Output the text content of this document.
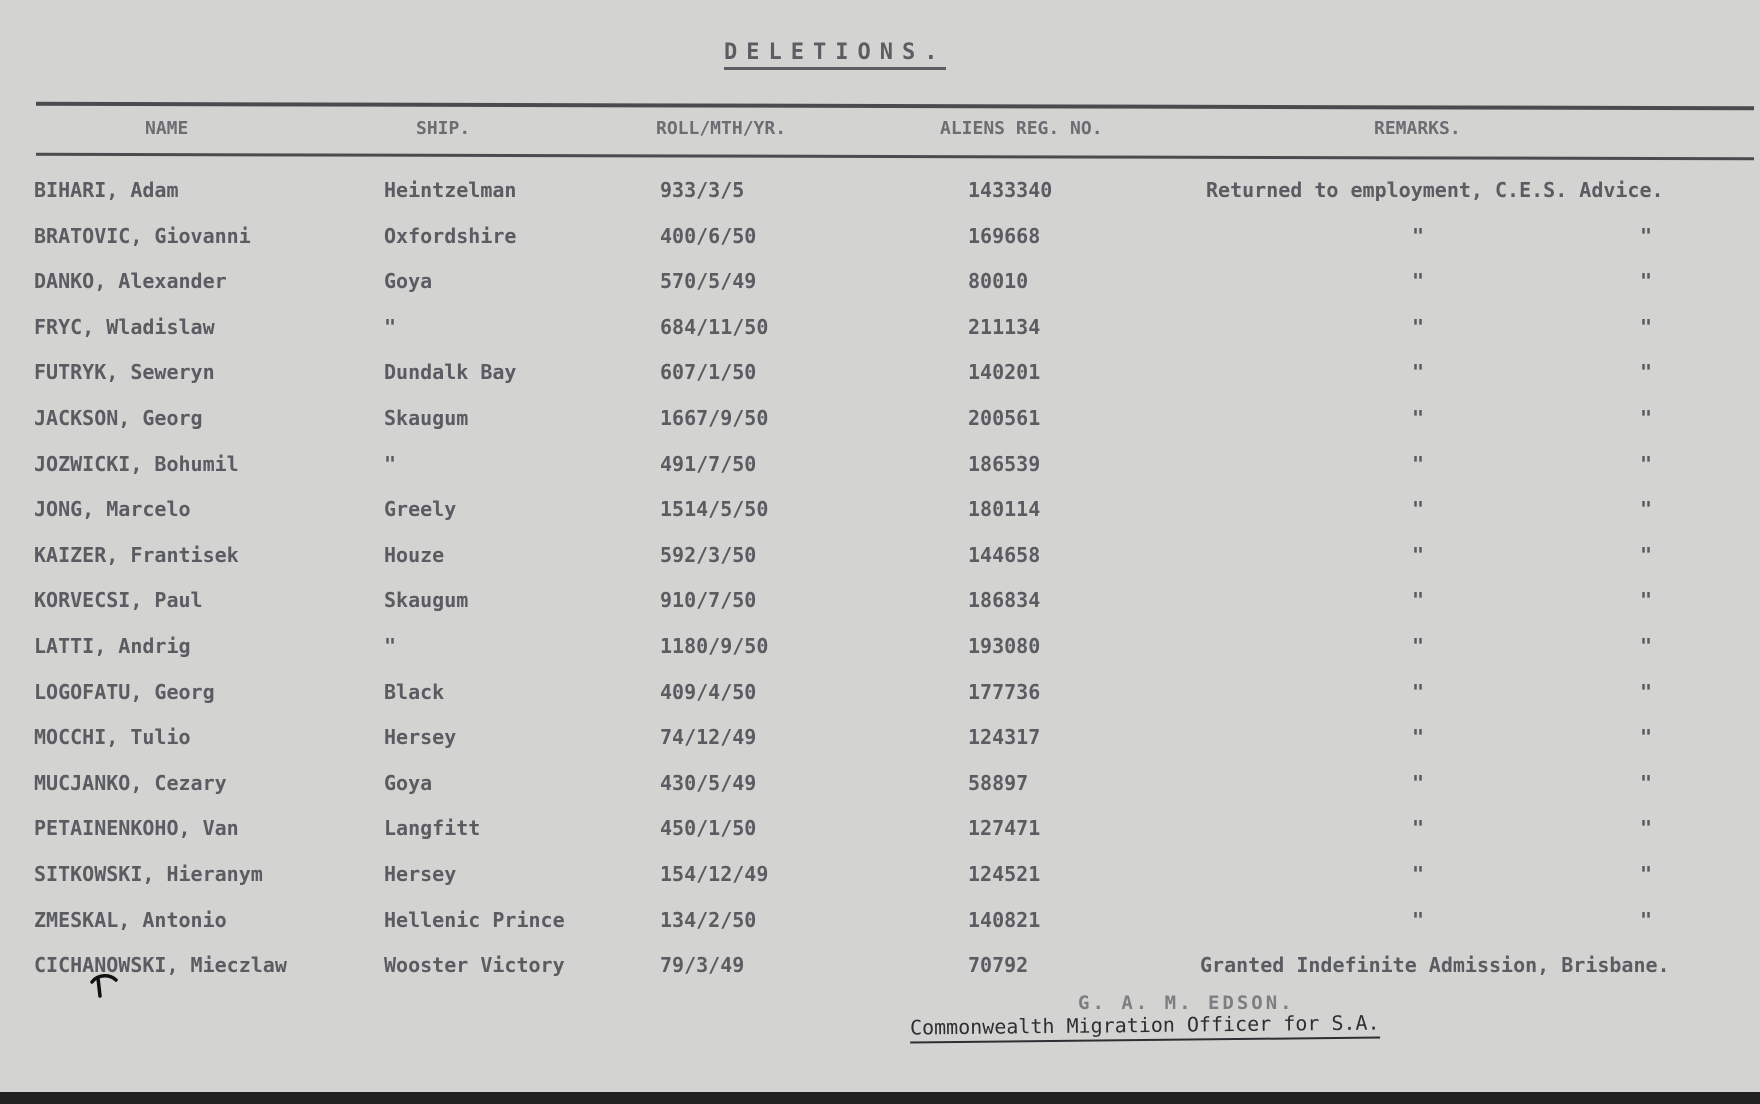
DELETIONS.
NAME	SHIP.	ROLL/MTH/YR.	ALIENS REG. NO.	REMARKS.
BIHARI, Adam	Heintzelman	933/3/5	1433340	Returned to employment, C.E.S. Advice.
BRATOVIC, Giovanni	Oxfordshire	400/6/50	169668	"	"
DANKO, Alexander	Goya	570/5/49	80010	"	"
FRYC, Wladislaw	"	684/11/50	211134	"	"
FUTRYK, Seweryn	Dundalk Bay	607/1/50	140201	"	"
JACKSON, Georg	Skaugum	1667/9/50	200561	"	"
JOZWICKI, Bohumil	"	491/7/50	186539	"	"
JONG, Marcelo	Greely	1514/5/50	180114	"	"
KAIZER, Frantisek	Houze	592/3/50	144658	"	"
KORVECSI, Paul	Skaugum	910/7/50	186834	"	"
LATTI, Andrig	"	1180/9/50	193080	"	"
LOGOFATU, Georg	Black	409/4/50	177736	"	"
MOCCHI, Tulio	Hersey	74/12/49	124317	"	"
MUCJANKO, Cezary	Goya	430/5/49	58897	"	"
PETAINENKOHO, Van	Langfitt	450/1/50	127471	"	"
SITKOWSKI, Hieranym	Hersey	154/12/49	124521	"	"
ZMESKAL, Antonio	Hellenic Prince	134/2/50	140821	"	"
CICHANOWSKI, Mieczlaw	Wooster Victory	79/3/49	70792	Granted Indefinite Admission, Brisbane.
G. A. M. EDSON.
Commonwealth Migration Officer for S.A.
